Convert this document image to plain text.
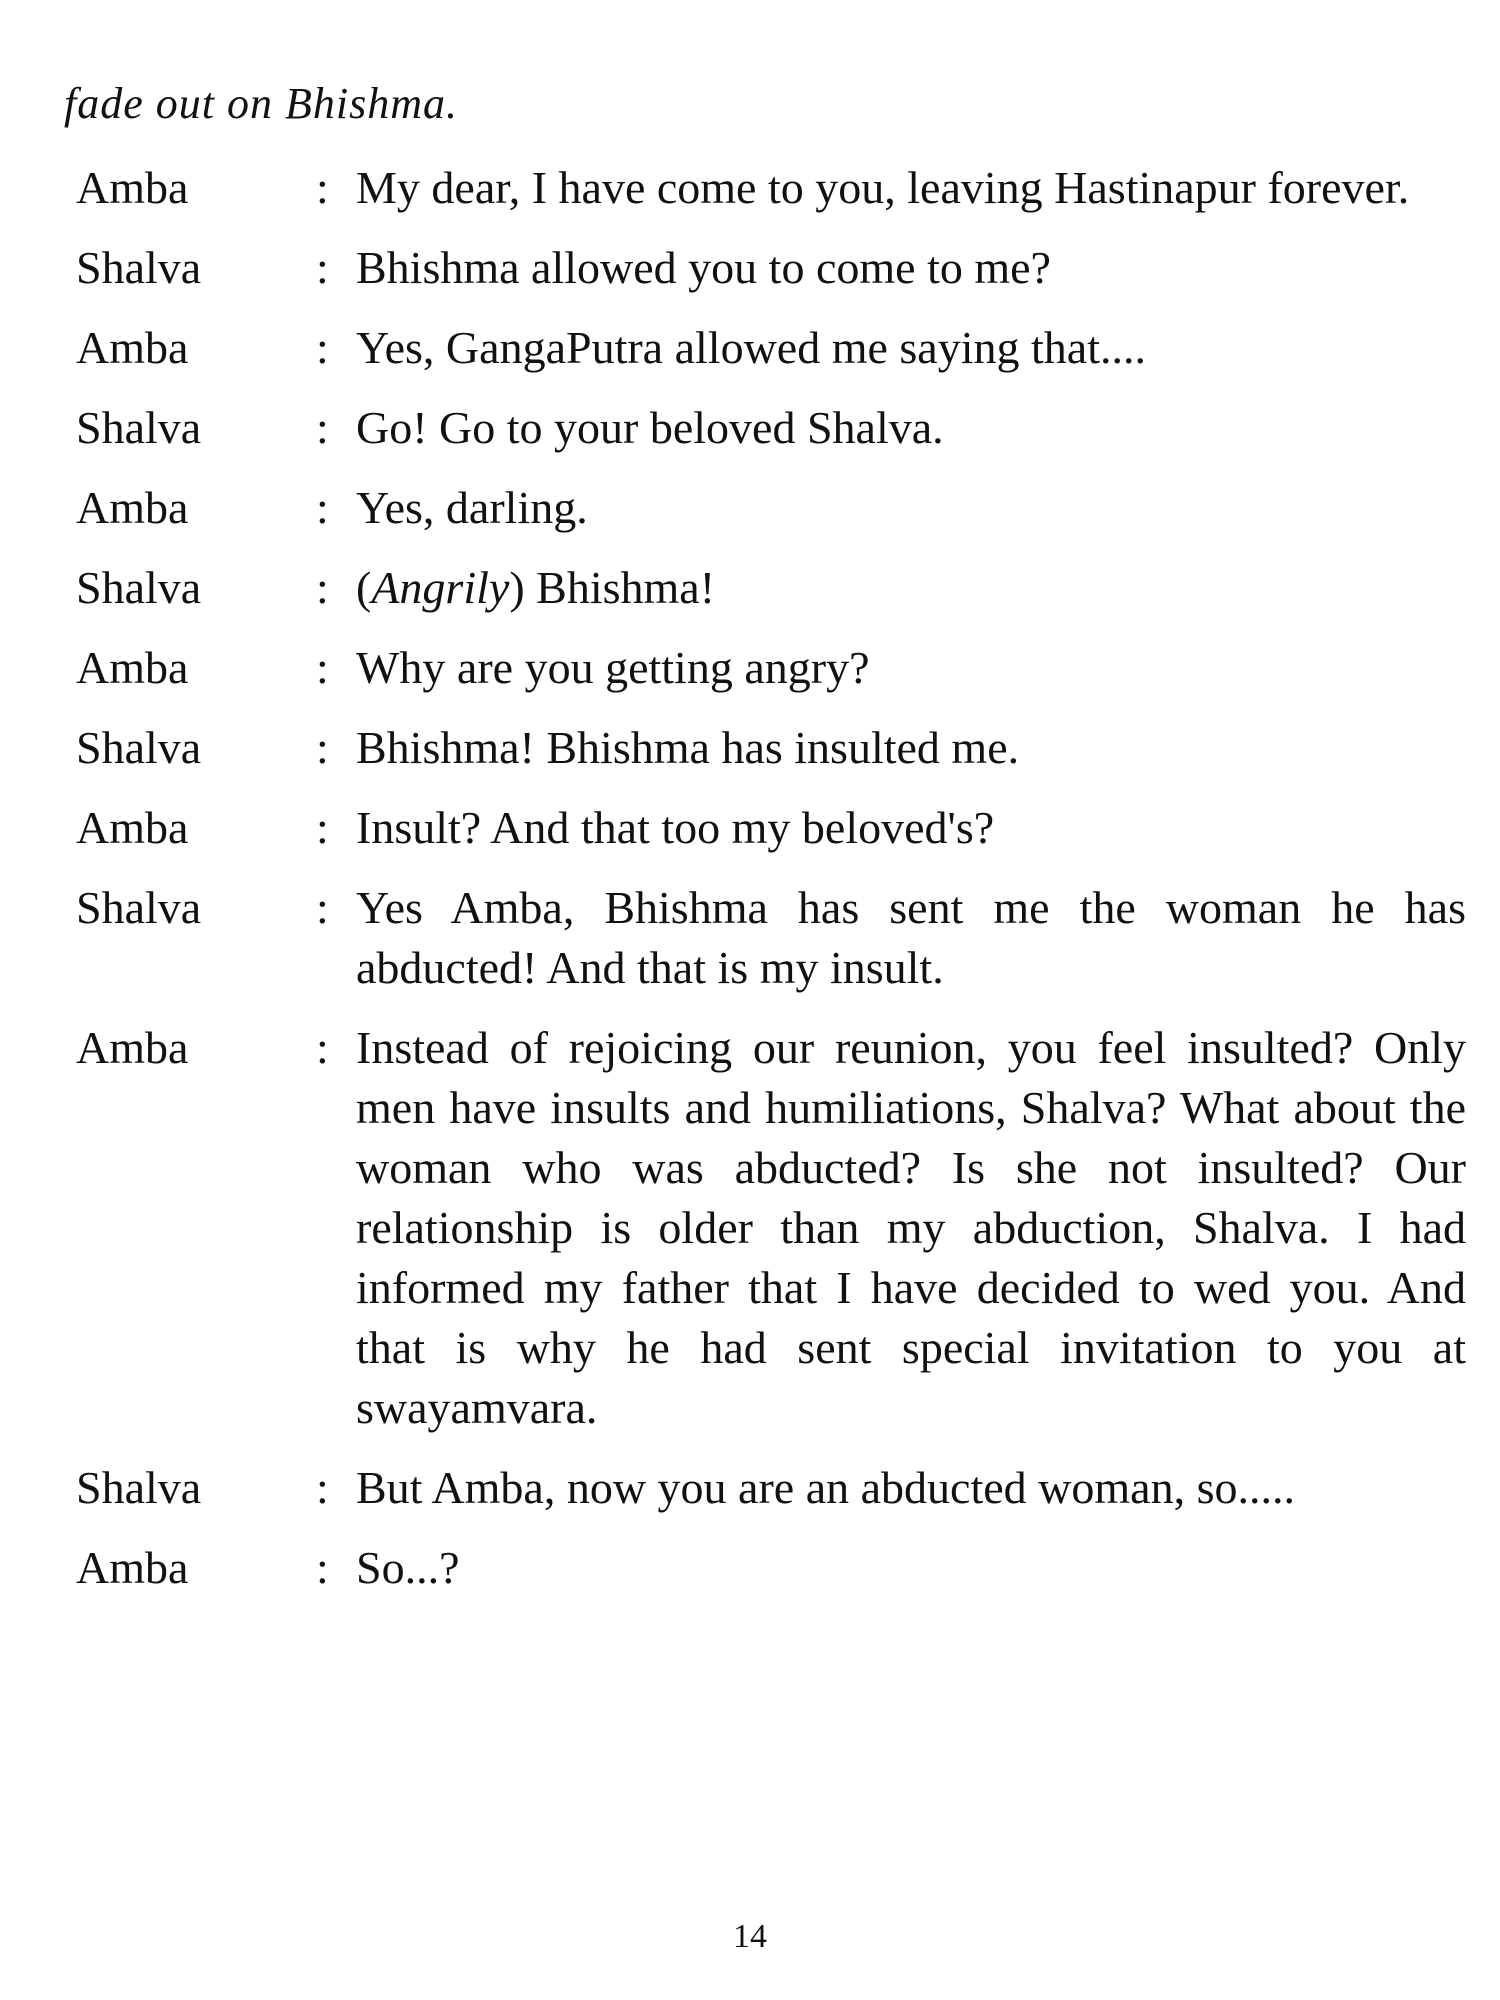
fade out on Bhishma.
Amba	: My dear, I have come to you, leaving Hastinapur forever.
Shalva	: Bhishma allowed you to come to me?
Amba	: Yes, GangaPutra allowed me saying that....
Shalva	: Go! Go to your beloved Shalva.
Amba	: Yes, darling.
Shalva	: (Angrily) Bhishma!
Amba	: Why are you getting angry?
Shalva	: Bhishma! Bhishma has insulted me.
Amba	: Insult? And that too my beloved's?
Shalva	: Yes Amba, Bhishma has sent me the woman he has abducted! And that is my insult.
Amba	: Instead of rejoicing our reunion, you feel insulted? Only men have insults and humiliations, Shalva? What about the woman who was abducted? Is she not insulted? Our relationship is older than my abduction, Shalva. I had informed my father that I have decided to wed you. And that is why he had sent special invitation to you at swayamvara.
Shalva	: But Amba, now you are an abducted woman, so.....
Amba	: So...?
14
